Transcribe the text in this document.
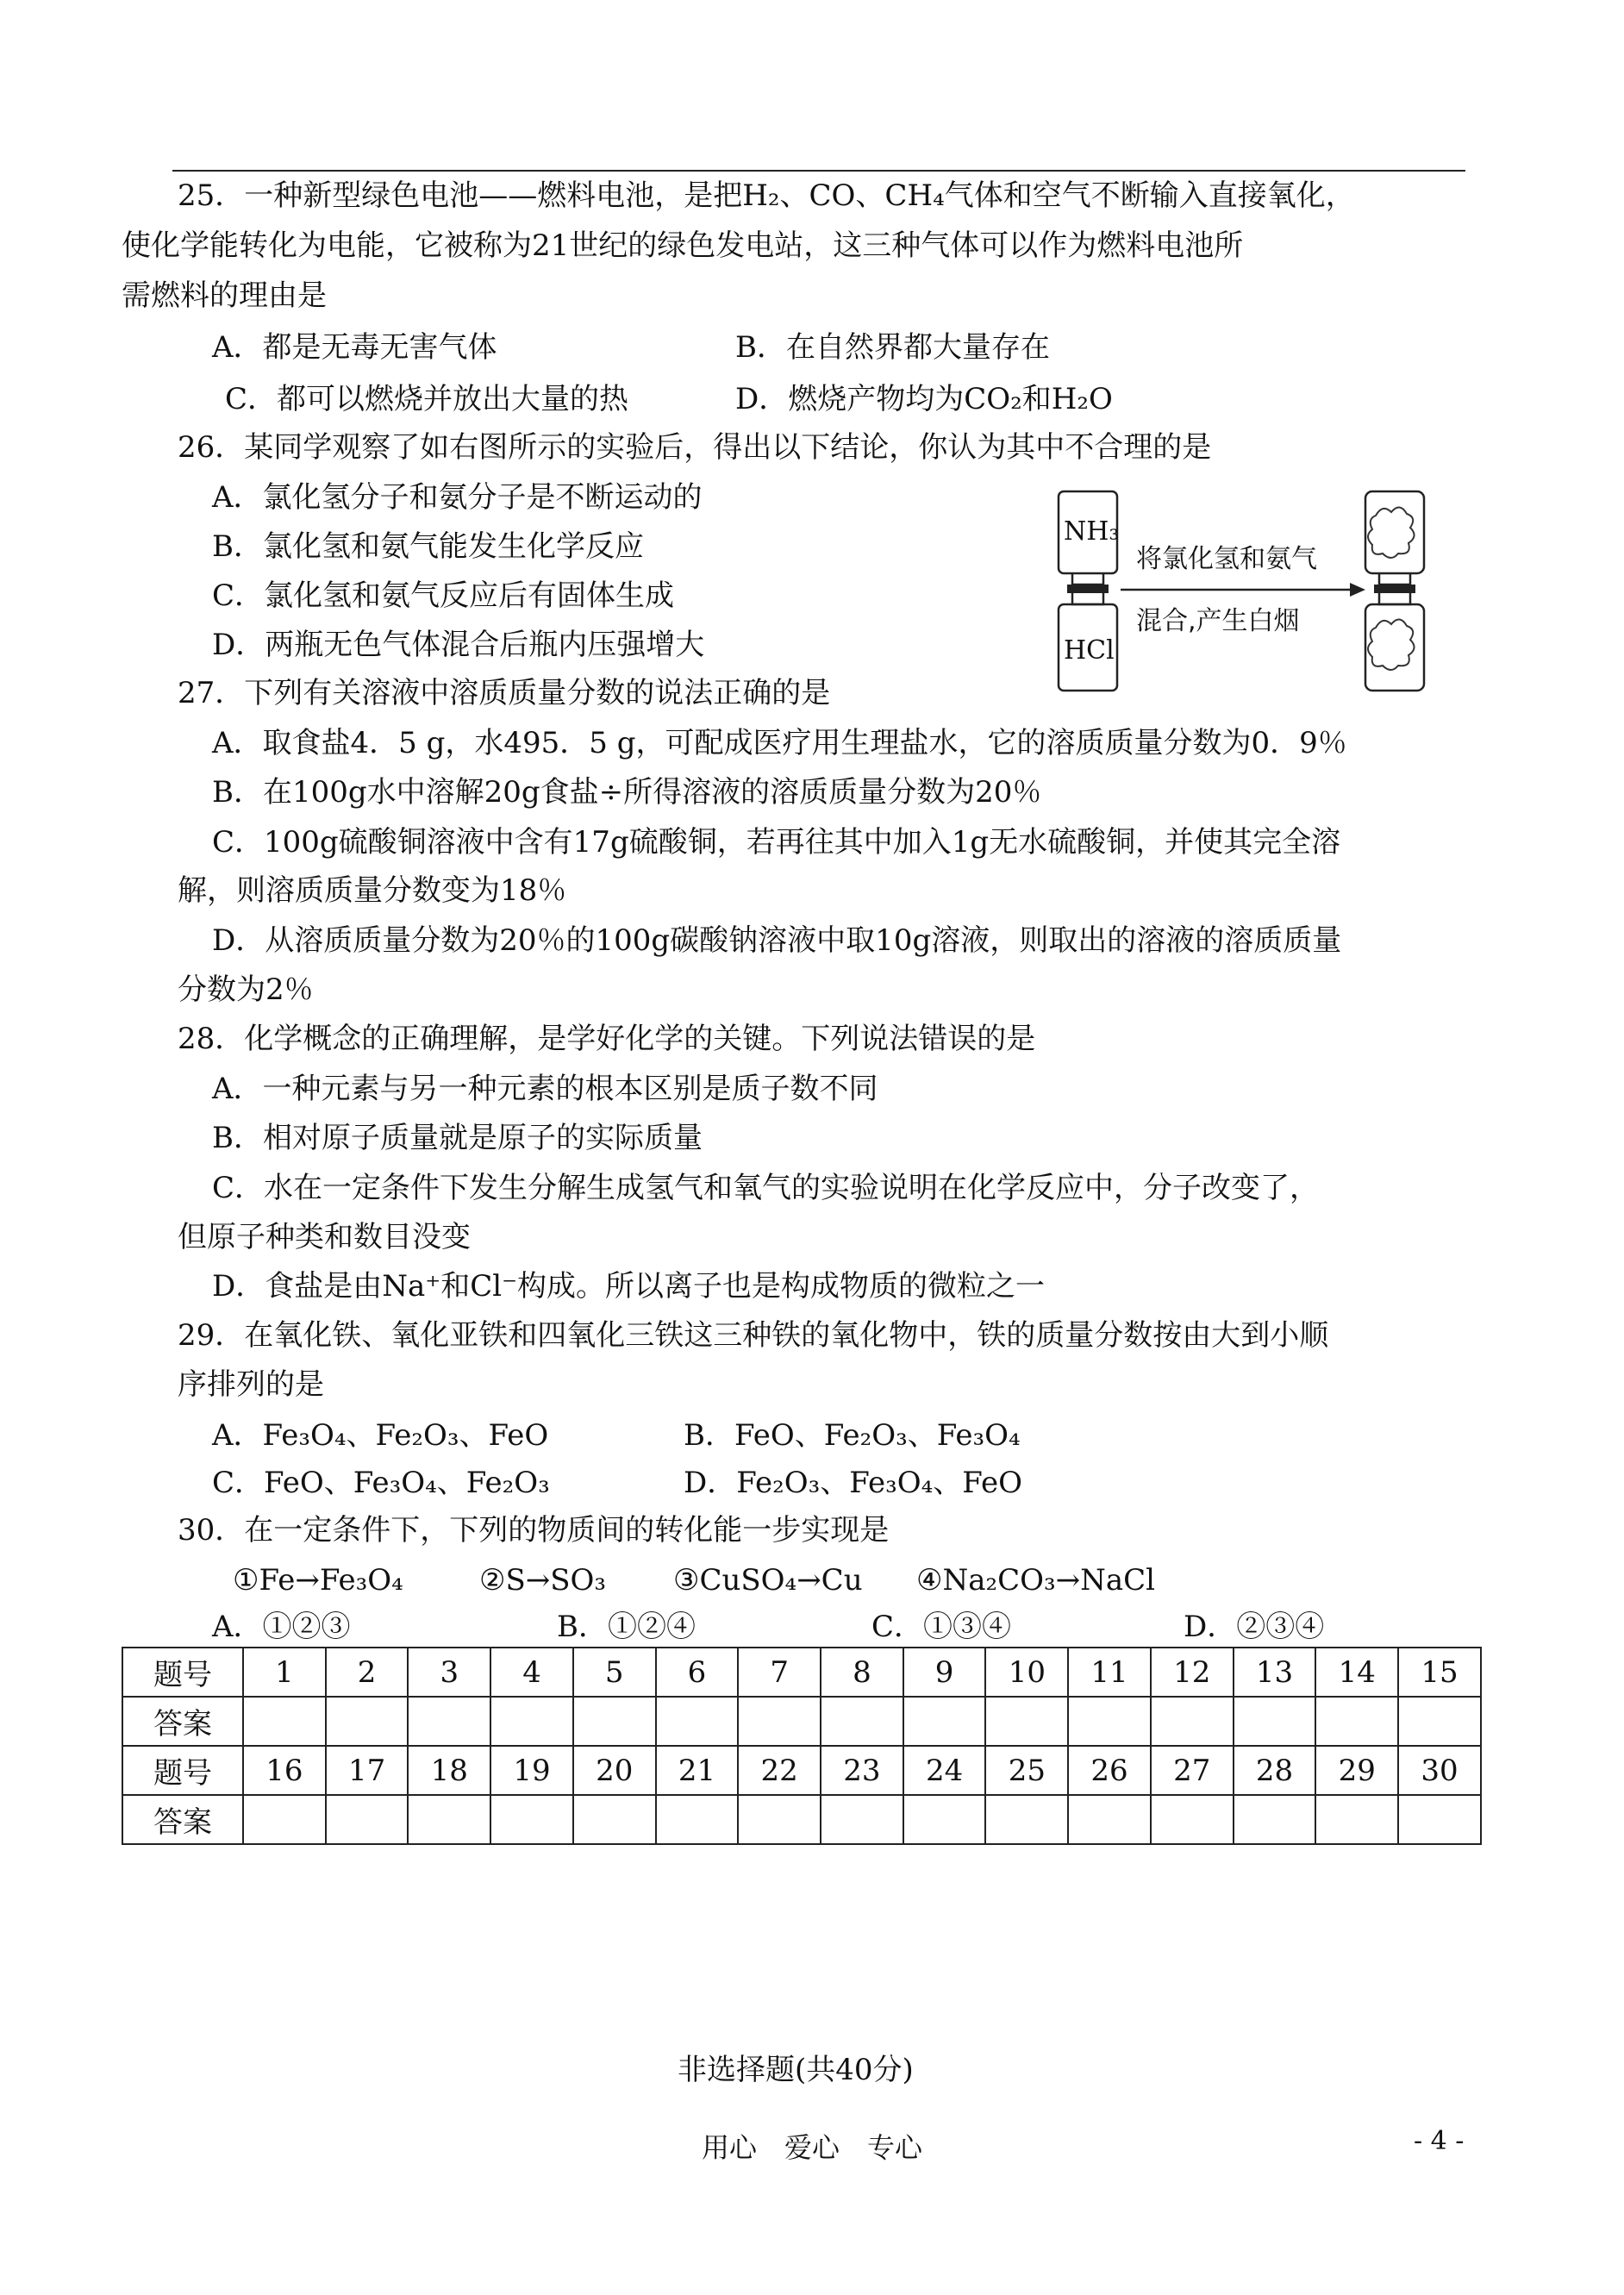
25．一种新型绿色电池——燃料电池，是把H₂、CO、CH₄气体和空气不断输入直接氧化，
使化学能转化为电能，它被称为21世纪的绿色发电站，这三种气体可以作为燃料电池所
需燃料的理由是
A．都是无毒无害气体	B．在自然界都大量存在
C．都可以燃烧并放出大量的热	D．燃烧产物均为CO₂和H₂O
26．某同学观察了如右图所示的实验后，得出以下结论，你认为其中不合理的是
A．氯化氢分子和氨分子是不断运动的
B．氯化氢和氨气能发生化学反应
C．氯化氢和氨气反应后有固体生成
D．两瓶无色气体混合后瓶内压强增大
NH₃
HCl
将氯化氢和氨气
混合,产生白烟
27．下列有关溶液中溶质质量分数的说法正确的是
A．取食盐4．5 g，水495．5 g，可配成医疗用生理盐水，它的溶质质量分数为0．9％
B．在100g水中溶解20g食盐÷所得溶液的溶质质量分数为20％
C．100g硫酸铜溶液中含有17g硫酸铜，若再往其中加入1g无水硫酸铜，并使其完全溶
解，则溶质质量分数变为18％
D．从溶质质量分数为20％的100g碳酸钠溶液中取10g溶液，则取出的溶液的溶质质量
分数为2％
28．化学概念的正确理解，是学好化学的关键。下列说法错误的是
A．一种元素与另一种元素的根本区别是质子数不同
B．相对原子质量就是原子的实际质量
C．水在一定条件下发生分解生成氢气和氧气的实验说明在化学反应中，分子改变了，
但原子种类和数目没变
D．食盐是由Na⁺和Cl⁻构成。所以离子也是构成物质的微粒之一
29．在氧化铁、氧化亚铁和四氧化三铁这三种铁的氧化物中，铁的质量分数按由大到小顺
序排列的是
A．Fe₃O₄、Fe₂O₃、FeO	B．FeO、Fe₂O₃、Fe₃O₄
C．FeO、Fe₃O₄、Fe₂O₃	D．Fe₂O₃、Fe₃O₄、FeO
30．在一定条件下，下列的物质间的转化能一步实现是
①Fe→Fe₃O₄	②S→SO₃ ③CuSO₄→Cu ④Na₂CO₃→NaCl
A．①②③	B．①②④	C．①③④	D．②③④
题号	1	2	3	4	5	6	7	8	9	10	11	12	13	14	15
答案															
题号	16	17	18	19	20	21	22	23	24	25	26	27	28	29	30
答案															
非选择题(共40分)
用心　爱心　专心	- 4 -
